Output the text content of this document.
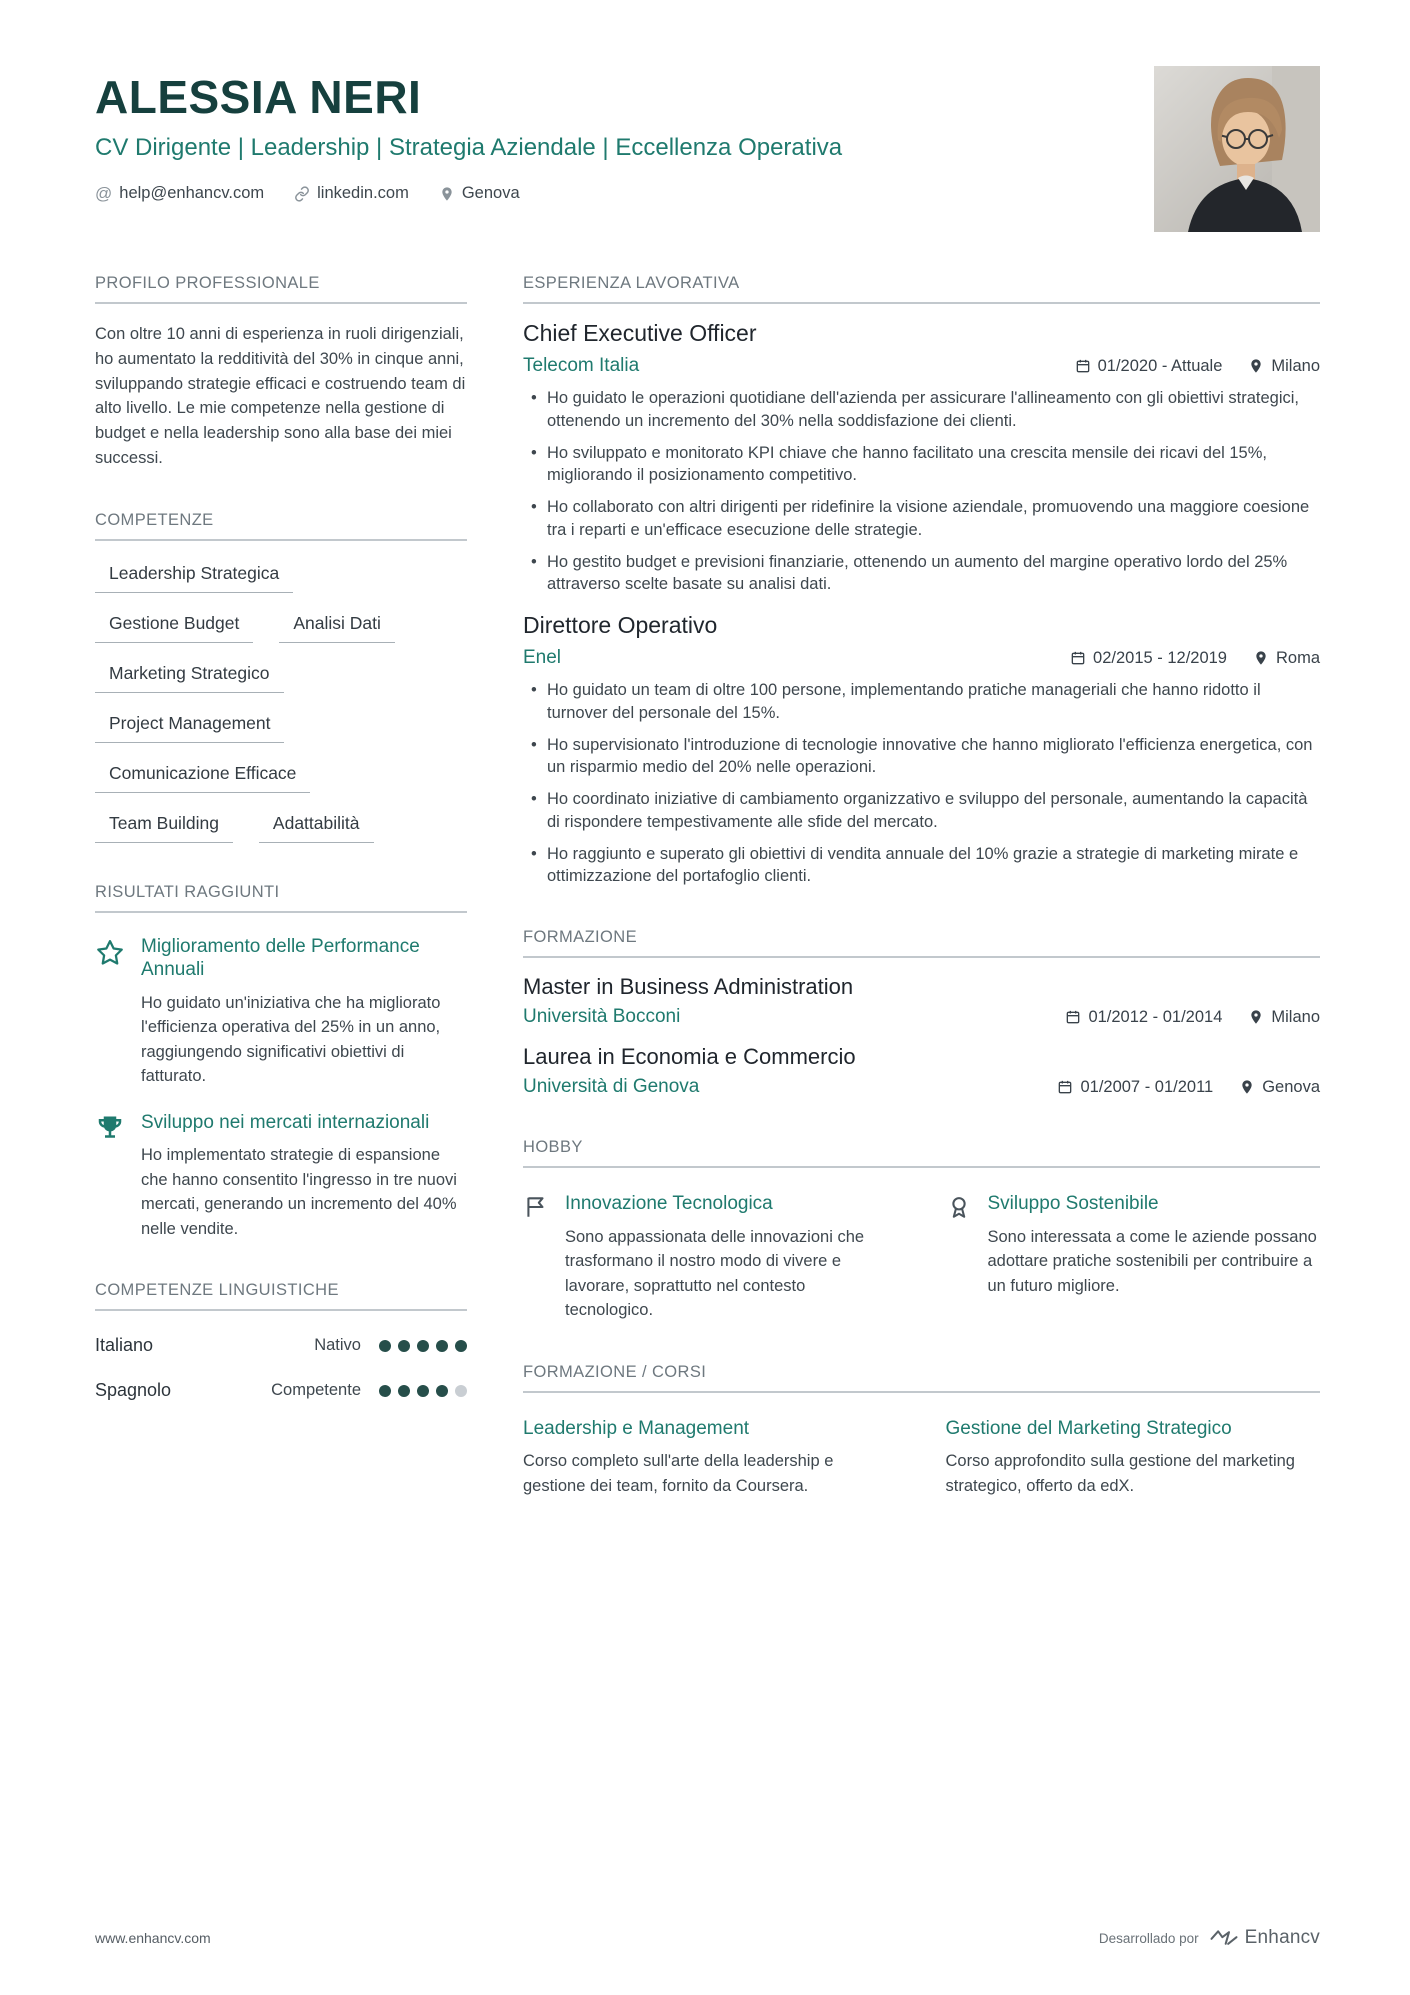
ALESSIA NERI
CV Dirigente | Leadership | Strategia Aziendale | Eccellenza Operativa
@ help@enhancv.com	linkedin.com	Genova
PROFILO PROFESSIONALE

Con oltre 10 anni di esperienza in ruoli dirigenziali, ho aumentato la redditività del 30% in cinque anni, sviluppando strategie efficaci e costruendo team di alto livello. Le mie competenze nella gestione di budget e nella leadership sono alla base dei miei successi.

COMPETENZE
Leadership Strategica
Gestione Budget	Analisi Dati
Marketing Strategico
Project Management
Comunicazione Efficace
Team Building	Adattabilità
RISULTATI RAGGIUNTI
Miglioramento delle Performance Annuali
Ho guidato un'iniziativa che ha migliorato l'efficienza operativa del 25% in un anno, raggiungendo significativi obiettivi di fatturato.
Sviluppo nei mercati internazionali
Ho implementato strategie di espansione che hanno consentito l'ingresso in tre nuovi mercati, generando un incremento del 40% nelle vendite.
COMPETENZE LINGUISTICHE
Italiano	Nativo
Spagnolo	Competente
ESPERIENZA LAVORATIVA
Chief Executive Officer
Telecom Italia	01/2020 - Attuale	Milano
• Ho guidato le operazioni quotidiane dell'azienda per assicurare l'allineamento con gli obiettivi strategici, ottenendo un incremento del 30% nella soddisfazione dei clienti.
• Ho sviluppato e monitorato KPI chiave che hanno facilitato una crescita mensile dei ricavi del 15%, migliorando il posizionamento competitivo.
• Ho collaborato con altri dirigenti per ridefinire la visione aziendale, promuovendo una maggiore coesione tra i reparti e un'efficace esecuzione delle strategie.
• Ho gestito budget e previsioni finanziarie, ottenendo un aumento del margine operativo lordo del 25% attraverso scelte basate su analisi dati.
Direttore Operativo
Enel	02/2015 - 12/2019	Roma
• Ho guidato un team di oltre 100 persone, implementando pratiche manageriali che hanno ridotto il turnover del personale del 15%.
• Ho supervisionato l'introduzione di tecnologie innovative che hanno migliorato l'efficienza energetica, con un risparmio medio del 20% nelle operazioni.
• Ho coordinato iniziative di cambiamento organizzativo e sviluppo del personale, aumentando la capacità di rispondere tempestivamente alle sfide del mercato.
• Ho raggiunto e superato gli obiettivi di vendita annuale del 10% grazie a strategie di marketing mirate e ottimizzazione del portafoglio clienti.
FORMAZIONE
Master in Business Administration
Università Bocconi	01/2012 - 01/2014	Milano
Laurea in Economia e Commercio
Università di Genova	01/2007 - 01/2011	Genova
HOBBY
Innovazione Tecnologica
Sono appassionata delle innovazioni che trasformano il nostro modo di vivere e lavorare, soprattutto nel contesto tecnologico.
Sviluppo Sostenibile
Sono interessata a come le aziende possano adottare pratiche sostenibili per contribuire a un futuro migliore.
FORMAZIONE / CORSI
Leadership e Management
Corso completo sull'arte della leadership e gestione dei team, fornito da Coursera.
Gestione del Marketing Strategico
Corso approfondito sulla gestione del marketing strategico, offerto da edX.
www.enhancv.com	Desarrollado por Enhancv
